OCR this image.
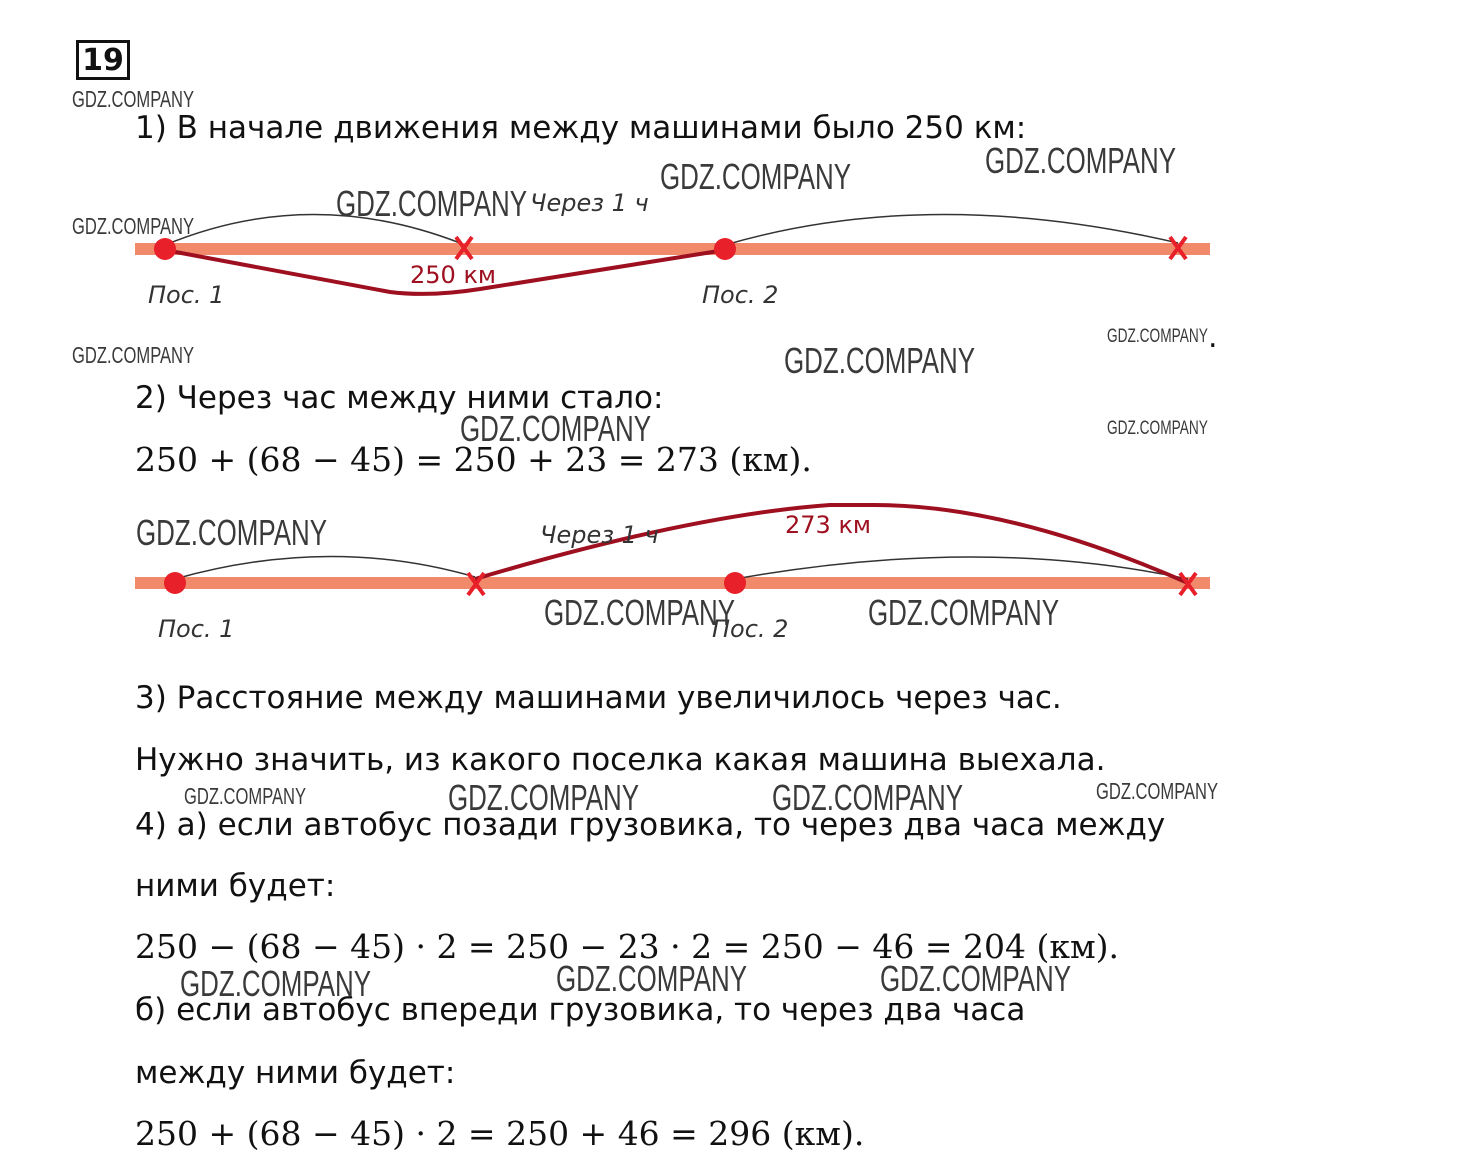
19
1) В начале движения между машинами было 250 км:
Через 1 ч
250 км
Пос. 1	Пос. 2
.
2) Через час между ними стало:
250 + (68 − 45) = 250 + 23 = 273 (км).
Через 1 ч	273 км
Пос. 1	Пос. 2
3) Расстояние между машинами увеличилось через час.
Нужно значить, из какого поселка какая машина выехала.
4) а) если автобус позади грузовика, то через два часа между
ними будет:
250 − (68 − 45) · 2 = 250 − 23 · 2 = 250 − 46 = 204 (км).
б) если автобус впереди грузовика, то через два часа
между ними будет:
250 + (68 − 45) · 2 = 250 + 46 = 296 (км).
GDZ.COMPANY
GDZ.COMPANY
GDZ.COMPANY
GDZ.COMPANY
GDZ.COMPANY	GDZ.COMPANY
GDZ.COMPANY
GDZ.COMPANY
GDZ.COMPANY	GDZ.COMPANY
GDZ.COMPANY
GDZ.COMPANY	GDZ.COMPANY
GDZ.COMPANY	GDZ.COMPANY	GDZ.COMPANY	GDZ.COMPANY
GDZ.COMPANY	GDZ.COMPANY	GDZ.COMPANY
